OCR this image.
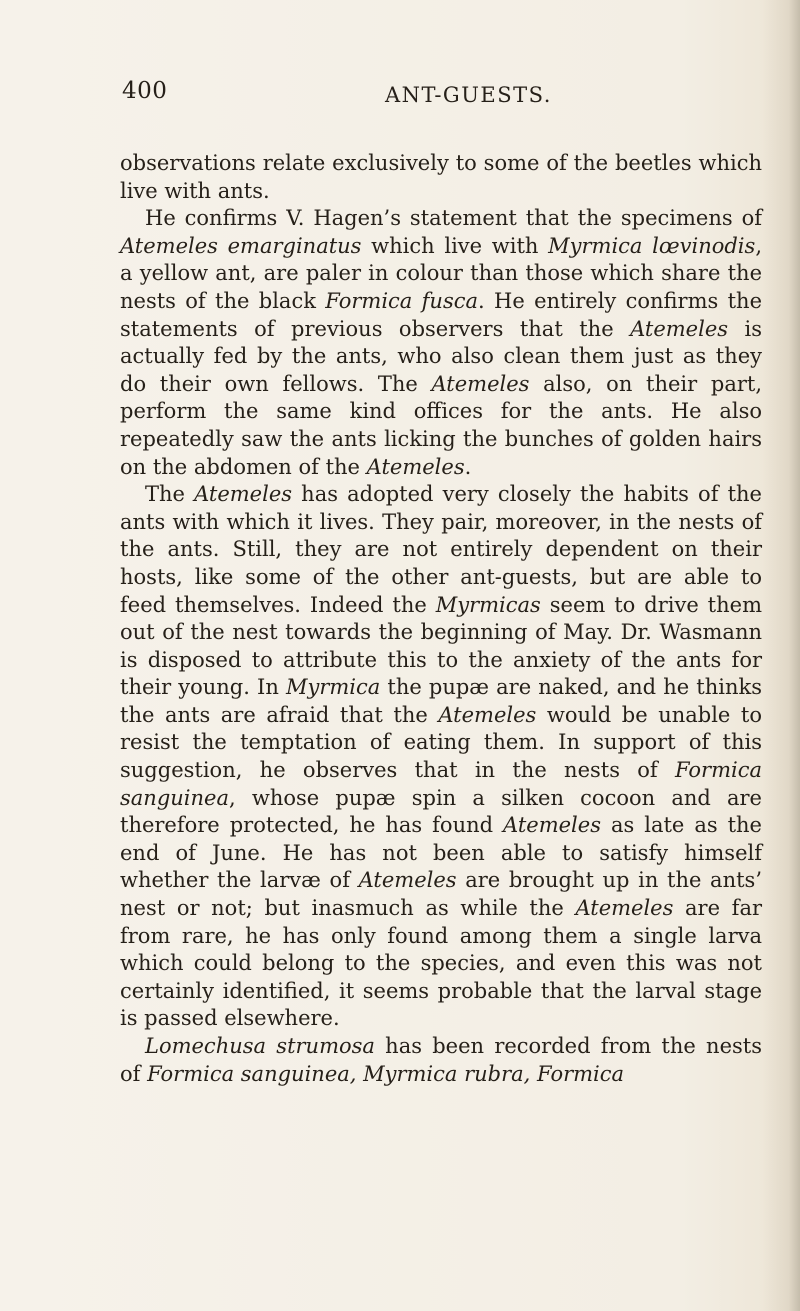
400	ANT-GUESTS.

observations relate exclusively to some of the beetles which live with ants.

He confirms V. Hagen’s statement that the specimens of Atemeles emarginatus which live with Myrmica lœvinodis, a yellow ant, are paler in colour than those which share the nests of the black Formica fusca. He entirely confirms the statements of previous observers that the Atemeles is actually fed by the ants, who also clean them just as they do their own fellows. The Atemeles also, on their part, perform the same kind offices for the ants. He also repeatedly saw the ants licking the bunches of golden hairs on the abdomen of the Atemeles.

The Atemeles has adopted very closely the habits of the ants with which it lives. They pair, moreover, in the nests of the ants. Still, they are not entirely dependent on their hosts, like some of the other ant-guests, but are able to feed themselves. Indeed the Myrmicas seem to drive them out of the nest towards the beginning of May. Dr. Wasmann is disposed to attribute this to the anxiety of the ants for their young. In Myrmica the pupæ are naked, and he thinks the ants are afraid that the Atemeles would be unable to resist the temptation of eating them. In support of this suggestion, he observes that in the nests of Formica sanguinea, whose pupæ spin a silken cocoon and are therefore protected, he has found Atemeles as late as the end of June. He has not been able to satisfy himself whether the larvæ of Atemeles are brought up in the ants’ nest or not; but inasmuch as while the Atemeles are far from rare, he has only found among them a single larva which could belong to the species, and even this was not certainly identified, it seems probable that the larval stage is passed elsewhere.

Lomechusa strumosa has been recorded from the nests of Formica sanguinea, Myrmica rubra, Formica
